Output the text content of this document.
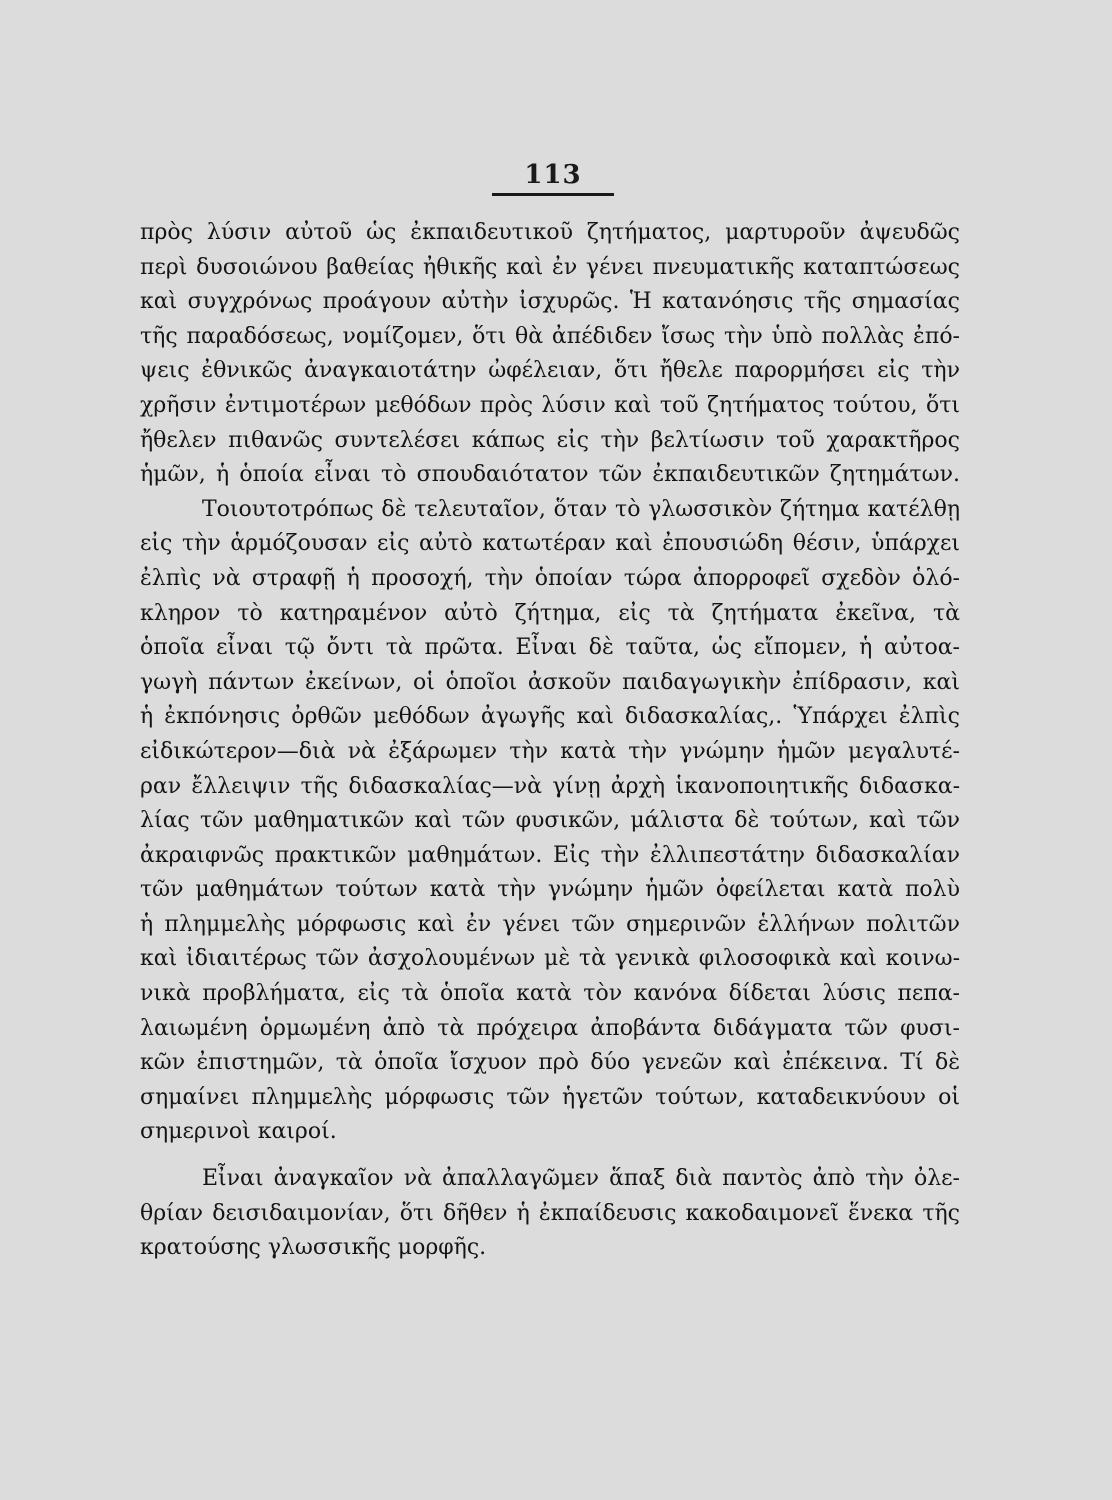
113
πρὸς λύσιν αὐτοῦ ὡς ἐκπαιδευτικοῦ ζητήματος, μαρτυροῦν ἀψευδῶς
περὶ δυσοιώνου βαθείας ἠθικῆς καὶ ἐν γένει πνευματικῆς καταπτώσεως
καὶ συγχρόνως προάγουν αὐτὴν ἰσχυρῶς. Ἡ κατανόησις τῆς σημασίας
τῆς παραδόσεως, νομίζομεν, ὅτι θὰ ἀπέδιδεν ἴσως τὴν ὑπὸ πολλὰς ἐπό-
ψεις ἐθνικῶς ἀναγκαιοτάτην ὠφέλειαν, ὅτι ἤθελε παρορμήσει εἰς τὴν
χρῆσιν ἐντιμοτέρων μεθόδων πρὸς λύσιν καὶ τοῦ ζητήματος τούτου, ὅτι
ἤθελεν πιθανῶς συντελέσει κάπως εἰς τὴν βελτίωσιν τοῦ χαρακτῆρος
ἡμῶν, ἡ ὁποία εἶναι τὸ σπουδαιότατον τῶν ἐκπαιδευτικῶν ζητημάτων.
Τοιουτοτρόπως δὲ τελευταῖον, ὅταν τὸ γλωσσικὸν ζήτημα κατέλθῃ
εἰς τὴν ἁρμόζουσαν εἰς αὐτὸ κατωτέραν καὶ ἐπουσιώδη θέσιν, ὑπάρχει
ἐλπὶς νὰ στραφῇ ἡ προσοχή, τὴν ὁποίαν τώρα ἀπορροφεῖ σχεδὸν ὁλό-
κληρον τὸ κατηραμένον αὐτὸ ζήτημα, εἰς τὰ ζητήματα ἐκεῖνα, τὰ
ὁποῖα εἶναι τῷ ὄντι τὰ πρῶτα. Εἶναι δὲ ταῦτα, ὡς εἴπομεν, ἡ αὐτοα-
γωγὴ πάντων ἐκείνων, οἱ ὁποῖοι ἀσκοῦν παιδαγωγικὴν ἐπίδρασιν, καὶ
ἡ ἐκπόνησις ὀρθῶν μεθόδων ἀγωγῆς καὶ διδασκαλίας,. Ὑπάρχει ἐλπὶς
εἰδικώτερον—διὰ νὰ ἐξάρωμεν τὴν κατὰ τὴν γνώμην ἡμῶν μεγαλυτέ-
ραν ἔλλειψιν τῆς διδασκαλίας—νὰ γίνῃ ἀρχὴ ἱκανοποιητικῆς διδασκα-
λίας τῶν μαθηματικῶν καὶ τῶν φυσικῶν, μάλιστα δὲ τούτων, καὶ τῶν
ἀκραιφνῶς πρακτικῶν μαθημάτων. Εἰς τὴν ἐλλιπεστάτην διδασκαλίαν
τῶν μαθημάτων τούτων κατὰ τὴν γνώμην ἡμῶν ὀφείλεται κατὰ πολὺ
ἡ πλημμελὴς μόρφωσις καὶ ἐν γένει τῶν σημερινῶν ἑλλήνων πολιτῶν
καὶ ἰδιαιτέρως τῶν ἀσχολουμένων μὲ τὰ γενικὰ φιλοσοφικὰ καὶ κοινω-
νικὰ προβλήματα, εἰς τὰ ὁποῖα κατὰ τὸν κανόνα δίδεται λύσις πεπα-
λαιωμένη ὁρμωμένη ἀπὸ τὰ πρόχειρα ἀποβάντα διδάγματα τῶν φυσι-
κῶν ἐπιστημῶν, τὰ ὁποῖα ἴσχυον πρὸ δύο γενεῶν καὶ ἐπέκεινα. Τί δὲ
σημαίνει πλημμελὴς μόρφωσις τῶν ἡγετῶν τούτων, καταδεικνύουν οἱ
σημερινοὶ καιροί.
Εἶναι ἀναγκαῖον νὰ ἀπαλλαγῶμεν ἅπαξ διὰ παντὸς ἀπὸ τὴν ὀλε-
θρίαν δεισιδαιμονίαν, ὅτι δῆθεν ἡ ἐκπαίδευσις κακοδαιμονεῖ ἕνεκα τῆς
κρατούσης γλωσσικῆς μορφῆς.
